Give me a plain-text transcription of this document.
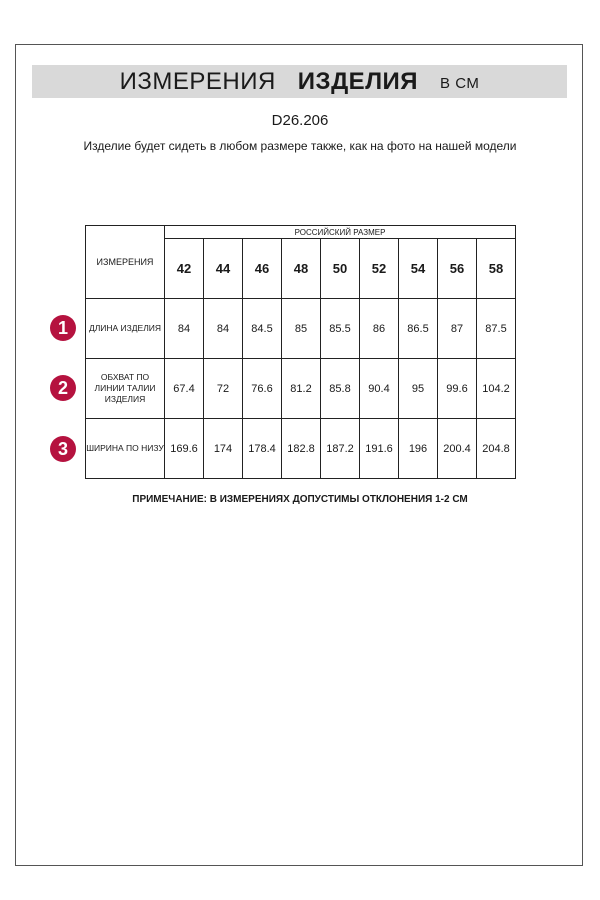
ИЗМЕРЕНИЯ ИЗДЕЛИЯ В СМ
D26.206
Изделие будет сидеть в любом размере также, как на фото на нашей модели
ИЗМЕРЕНИЯ	РОССИЙСКИЙ РАЗМЕР								
	42	44	46	48	50	52	54	56	58
ДЛИНА ИЗДЕЛИЯ	84	84	84.5	85	85.5	86	86.5	87	87.5
ОБХВАТ ПО ЛИНИИ ТАЛИИ ИЗДЕЛИЯ	67.4	72	76.6	81.2	85.8	90.4	95	99.6	104.2
ШИРИНА ПО НИЗУ	169.6	174	178.4	182.8	187.2	191.6	196	200.4	204.8
1
2
3
ПРИМЕЧАНИЕ: В ИЗМЕРЕНИЯХ ДОПУСТИМЫ ОТКЛОНЕНИЯ 1-2 СМ
